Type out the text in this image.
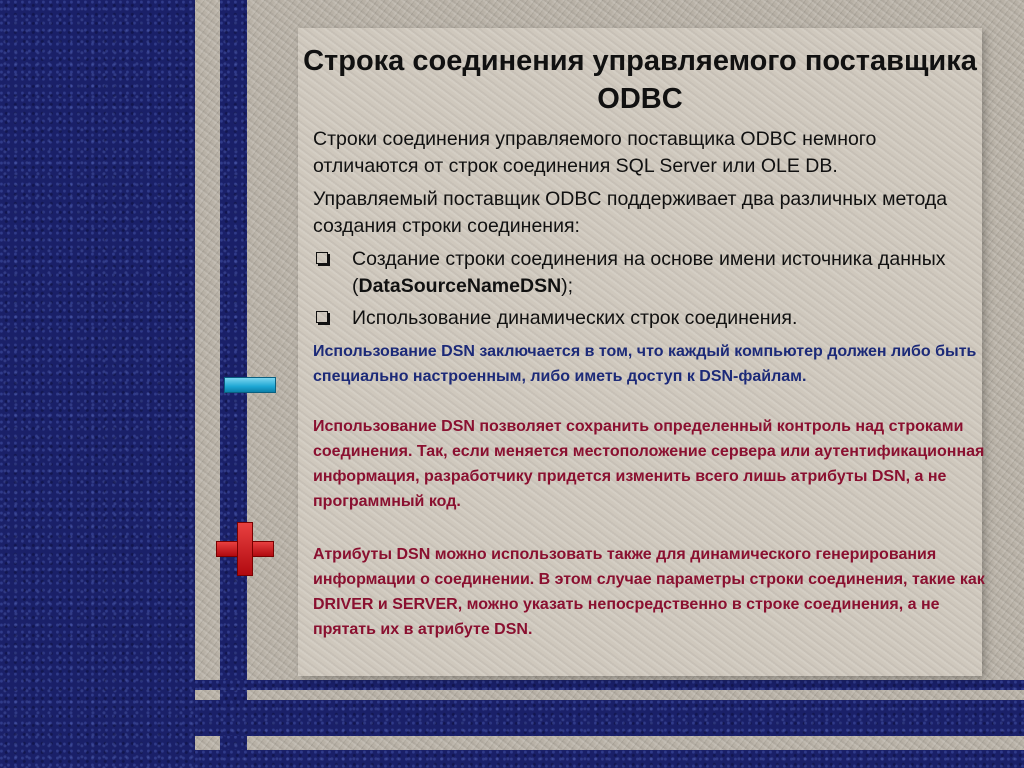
Строка соединения управляемого поставщика ODBC
Строки соединения управляемого поставщика ODBC немного отличаются от строк соединения SQL Server или OLE DB.
Управляемый поставщик ODBC поддерживает два различных метода создания строки соединения:
Создание строки соединения на основе имени источника данных (DataSourceNameDSN);
Использование динамических строк соединения.
Использование DSN заключается в том, что каждый компьютер должен либо быть специально настроенным, либо иметь доступ к DSN-файлам.
Использование DSN позволяет сохранить определенный контроль над строками соединения. Так, если меняется местоположение сервера или аутентификационная информация, разработчику придется изменить всего лишь атрибуты DSN, а не программный код.
Атрибуты DSN можно использовать также для динамического генерирования информации о соединении. В этом случае параметры строки соединения, такие как DRIVER и SERVER, можно указать непосредственно в строке соединения, а не прятать их в атрибуте DSN.
